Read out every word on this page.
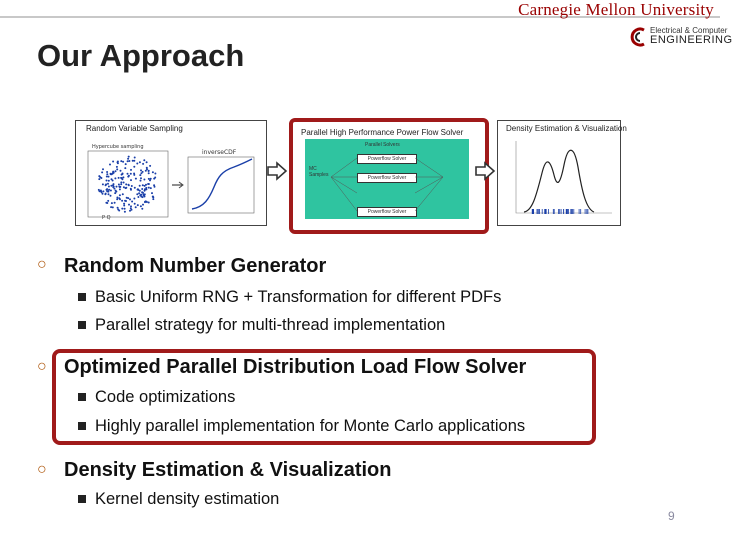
Carnegie Mellon University
Electrical & Computer
ENGINEERING
Our Approach
Random Variable Sampling
Hypercube sampling
P Q
inverseCDF
Parallel High Performance Power Flow Solver
Parallel Solvers
Powerflow Solver
Powerflow Solver
Powerflow Solver
MC Samples
Density Estimation & Visualization
○ Random Number Generator
Basic Uniform RNG + Transformation for different PDFs
Parallel strategy for multi-thread implementation
○ Optimized Parallel Distribution Load Flow Solver
Code optimizations
Highly parallel implementation for Monte Carlo applications
○ Density Estimation & Visualization
Kernel density estimation
9
